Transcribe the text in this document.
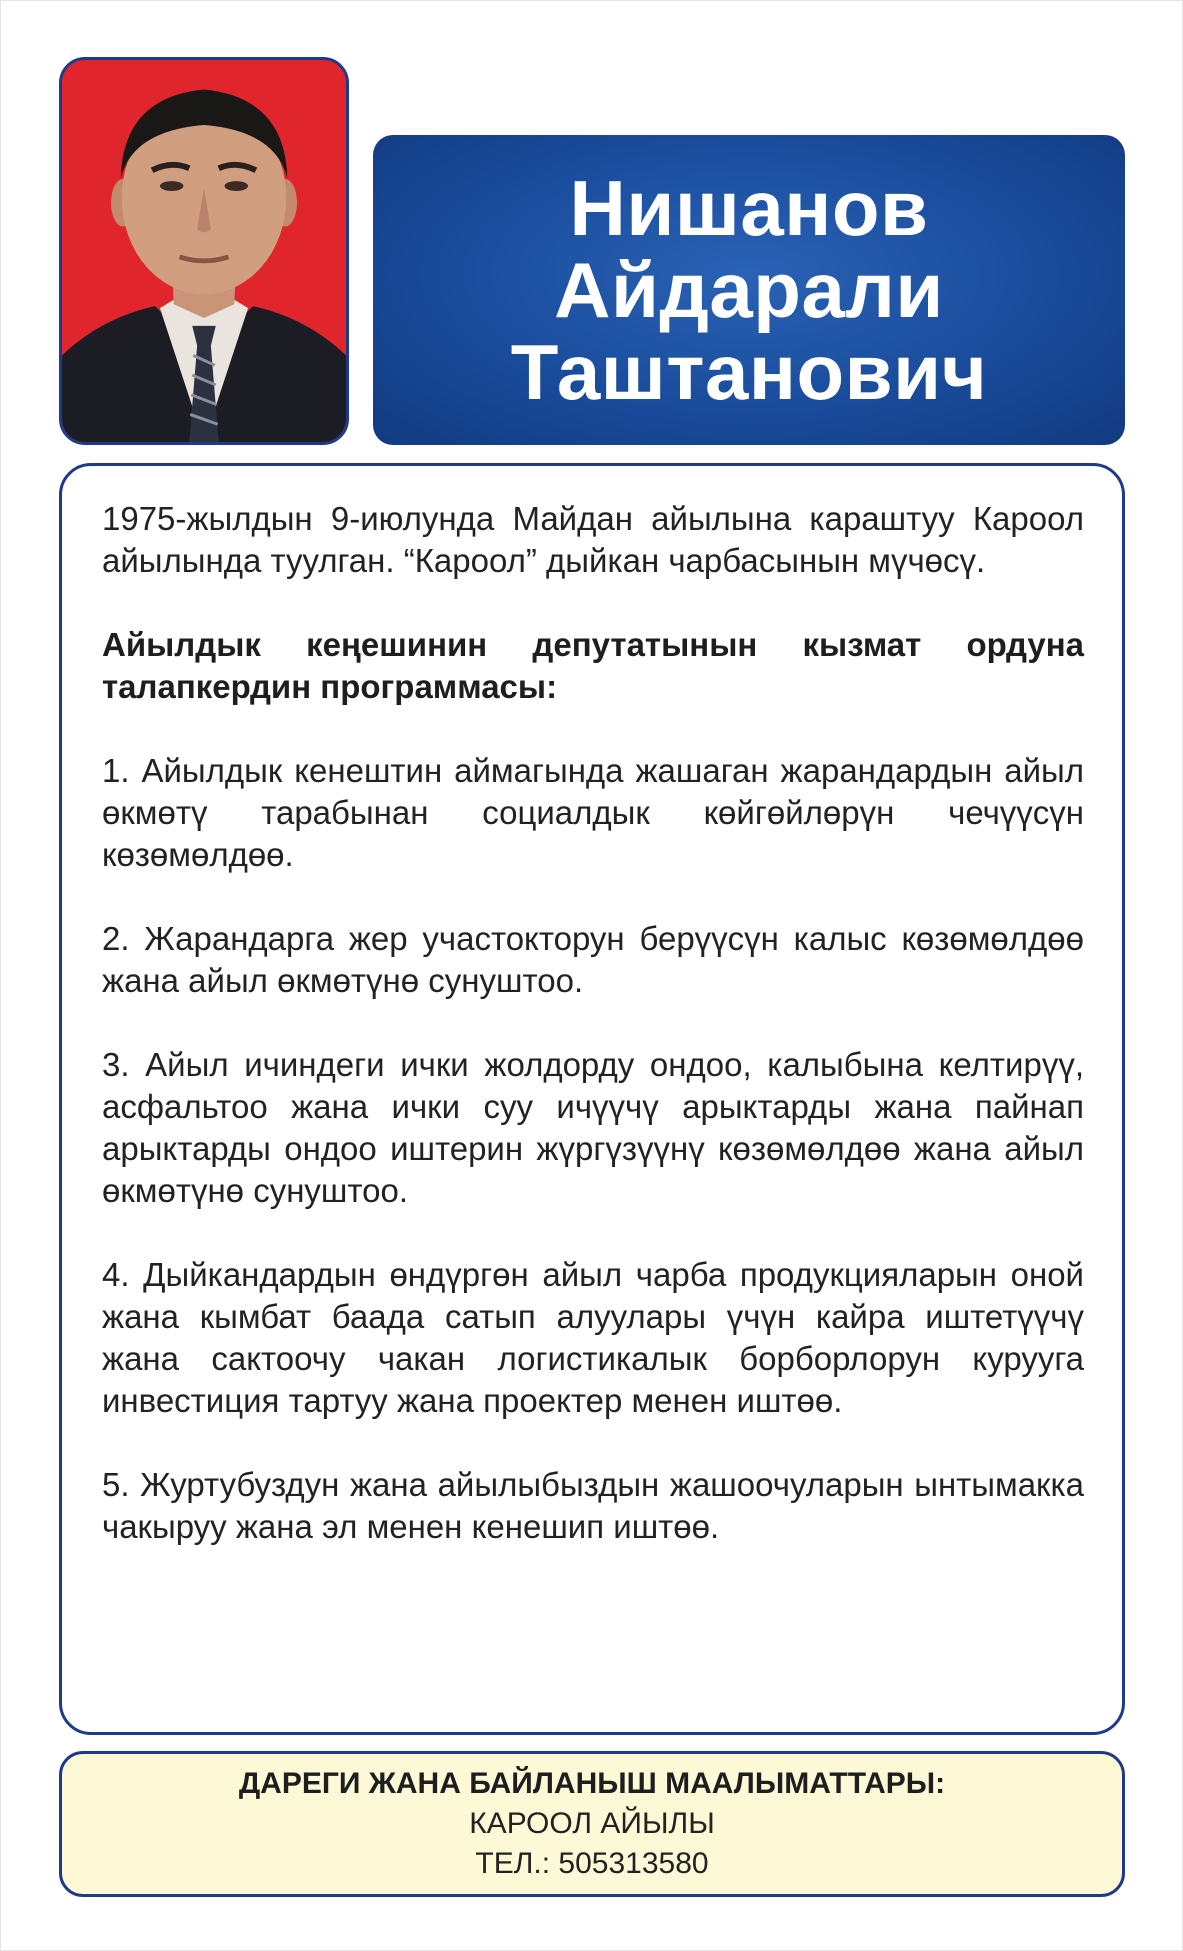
Нишанов
Айдарали
Таштанович

1975-жылдын 9-июлунда Майдан айылына караштуу Кароол айылында туулган. “Кароол” дыйкан чарбасынын мүчөсү.

Айылдык кеңешинин депутатынын кызмат ордуна талапкердин программасы:

1. Айылдык кенештин аймагында жашаган жарандардын айыл өкмөтү тарабынан социалдык көйгөйлөрүн чечүүсүн көзөмөлдөө.

2. Жарандарга жер участокторун берүүсүн калыс көзөмөлдөө жана айыл өкмөтүнө сунуштоо.

3. Айыл ичиндеги ички жолдорду ондоо, калыбына келтирүү, асфальтоо жана ички суу ичүүчү арыктарды жана пайнап арыктарды ондоо иштерин жүргүзүүнү көзөмөлдөө жана айыл өкмөтүнө сунуштоо.

4. Дыйкандардын өндүргөн айыл чарба продукцияларын оной жана кымбат баада сатып алуулары үчүн кайра иштетүүчү жана сактоочу чакан логистикалык борборлорун курууга инвестиция тартуу жана проектер менен иштөө.

5. Журтубуздун жана айылыбыздын жашоочуларын ынтымакка чакыруу жана эл менен кенешип иштөө.

ДАРЕГИ ЖАНА БАЙЛАНЫШ МААЛЫМАТТАРЫ:
КАРООЛ АЙЫЛЫ
ТЕЛ.: 505313580
